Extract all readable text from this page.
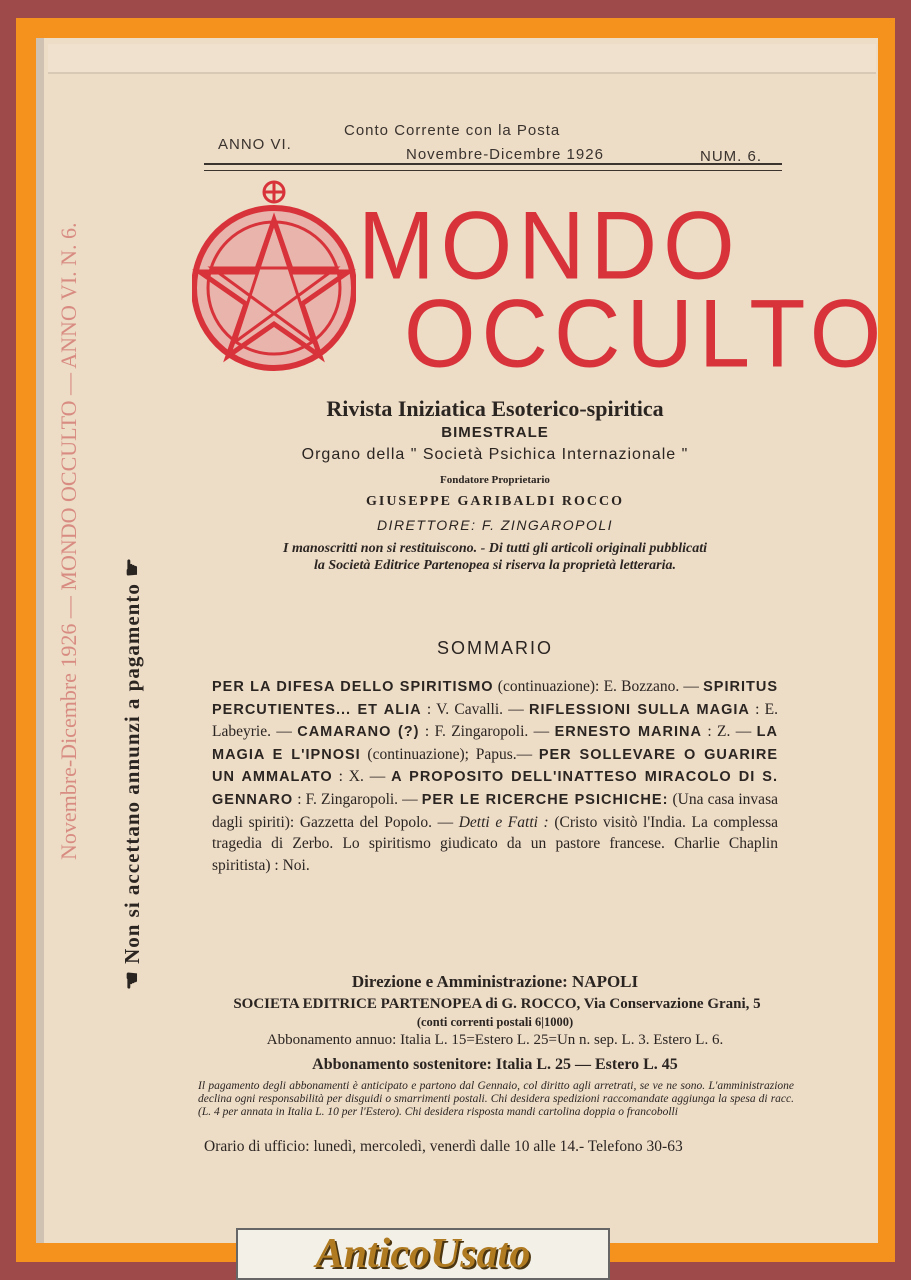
ANNO VI.
Conto Corrente con la Posta
Novembre-Dicembre 1926	NUM. 6.
MONDO
OCCULTO
Rivista Iniziatica Esoterico-spiritica
BIMESTRALE
Organo della " Società Psichica Internazionale "
Fondatore Proprietario
GIUSEPPE GARIBALDI ROCCO
DIRETTORE: F. ZINGAROPOLI
I manoscritti non si restituiscono. - Di tutti gli articoli originali pubblicati
la Società Editrice Partenopea si riserva la proprietà letteraria.
SOMMARIO
PER LA DIFESA DELLO SPIRITISMO (continuazione): E. Bozzano. — SPIRITUS PERCUTIENTES... ET ALIA : V. Cavalli. — RIFLESSIONI SULLA MAGIA : E. Labeyrie. — CAMARANO (?) : F. Zingaropoli. — ERNESTO MARINA : Z. — LA MAGIA E L'IPNOSI (continuazione); Papus.— PER SOLLEVARE O GUARIRE UN AMMALATO : X. — A PROPOSITO DELL'INATTESO MIRACOLO DI S. GENNARO : F. Zingaropoli. — PER LE RICERCHE PSICHICHE: (Una casa invasa dagli spiriti): Gazzetta del Popolo. — Detti e Fatti : (Cristo visitò l'India. La complessa tragedia di Zerbo. Lo spiritismo giudicato da un pastore francese. Charlie Chaplin spiritista) : Noi.
Direzione e Amministrazione: NAPOLI
SOCIETA EDITRICE PARTENOPEA di G. ROCCO, Via Conservazione Grani, 5
(conti correnti postali 6|1000)
Abbonamento annuo: Italia L. 15=Estero L. 25=Un n. sep. L. 3. Estero L. 6.
Abbonamento sostenitore: Italia L. 25 — Estero L. 45
Il pagamento degli abbonamenti è anticipato e partono dal Gennaio, col diritto agli arretrati, se ve ne sono. L'amministrazione declina ogni responsabilità per disguidi o smarrimenti postali. Chi desidera spedizioni raccomandate aggiunga la spesa di racc. (L. 4 per annata in Italia L. 10 per l'Estero). Chi desidera risposta mandi cartolina doppia o francobolli
Orario di ufficio: lunedì, mercoledì, venerdì dalle 10 alle 14.- Telefono 30-63
☚ Non si accettano annunzi a pagamento ☛
Novembre-Dicembre 1926 — MONDO OCCULTO — ANNO VI. N. 6.
AnticoUsato
